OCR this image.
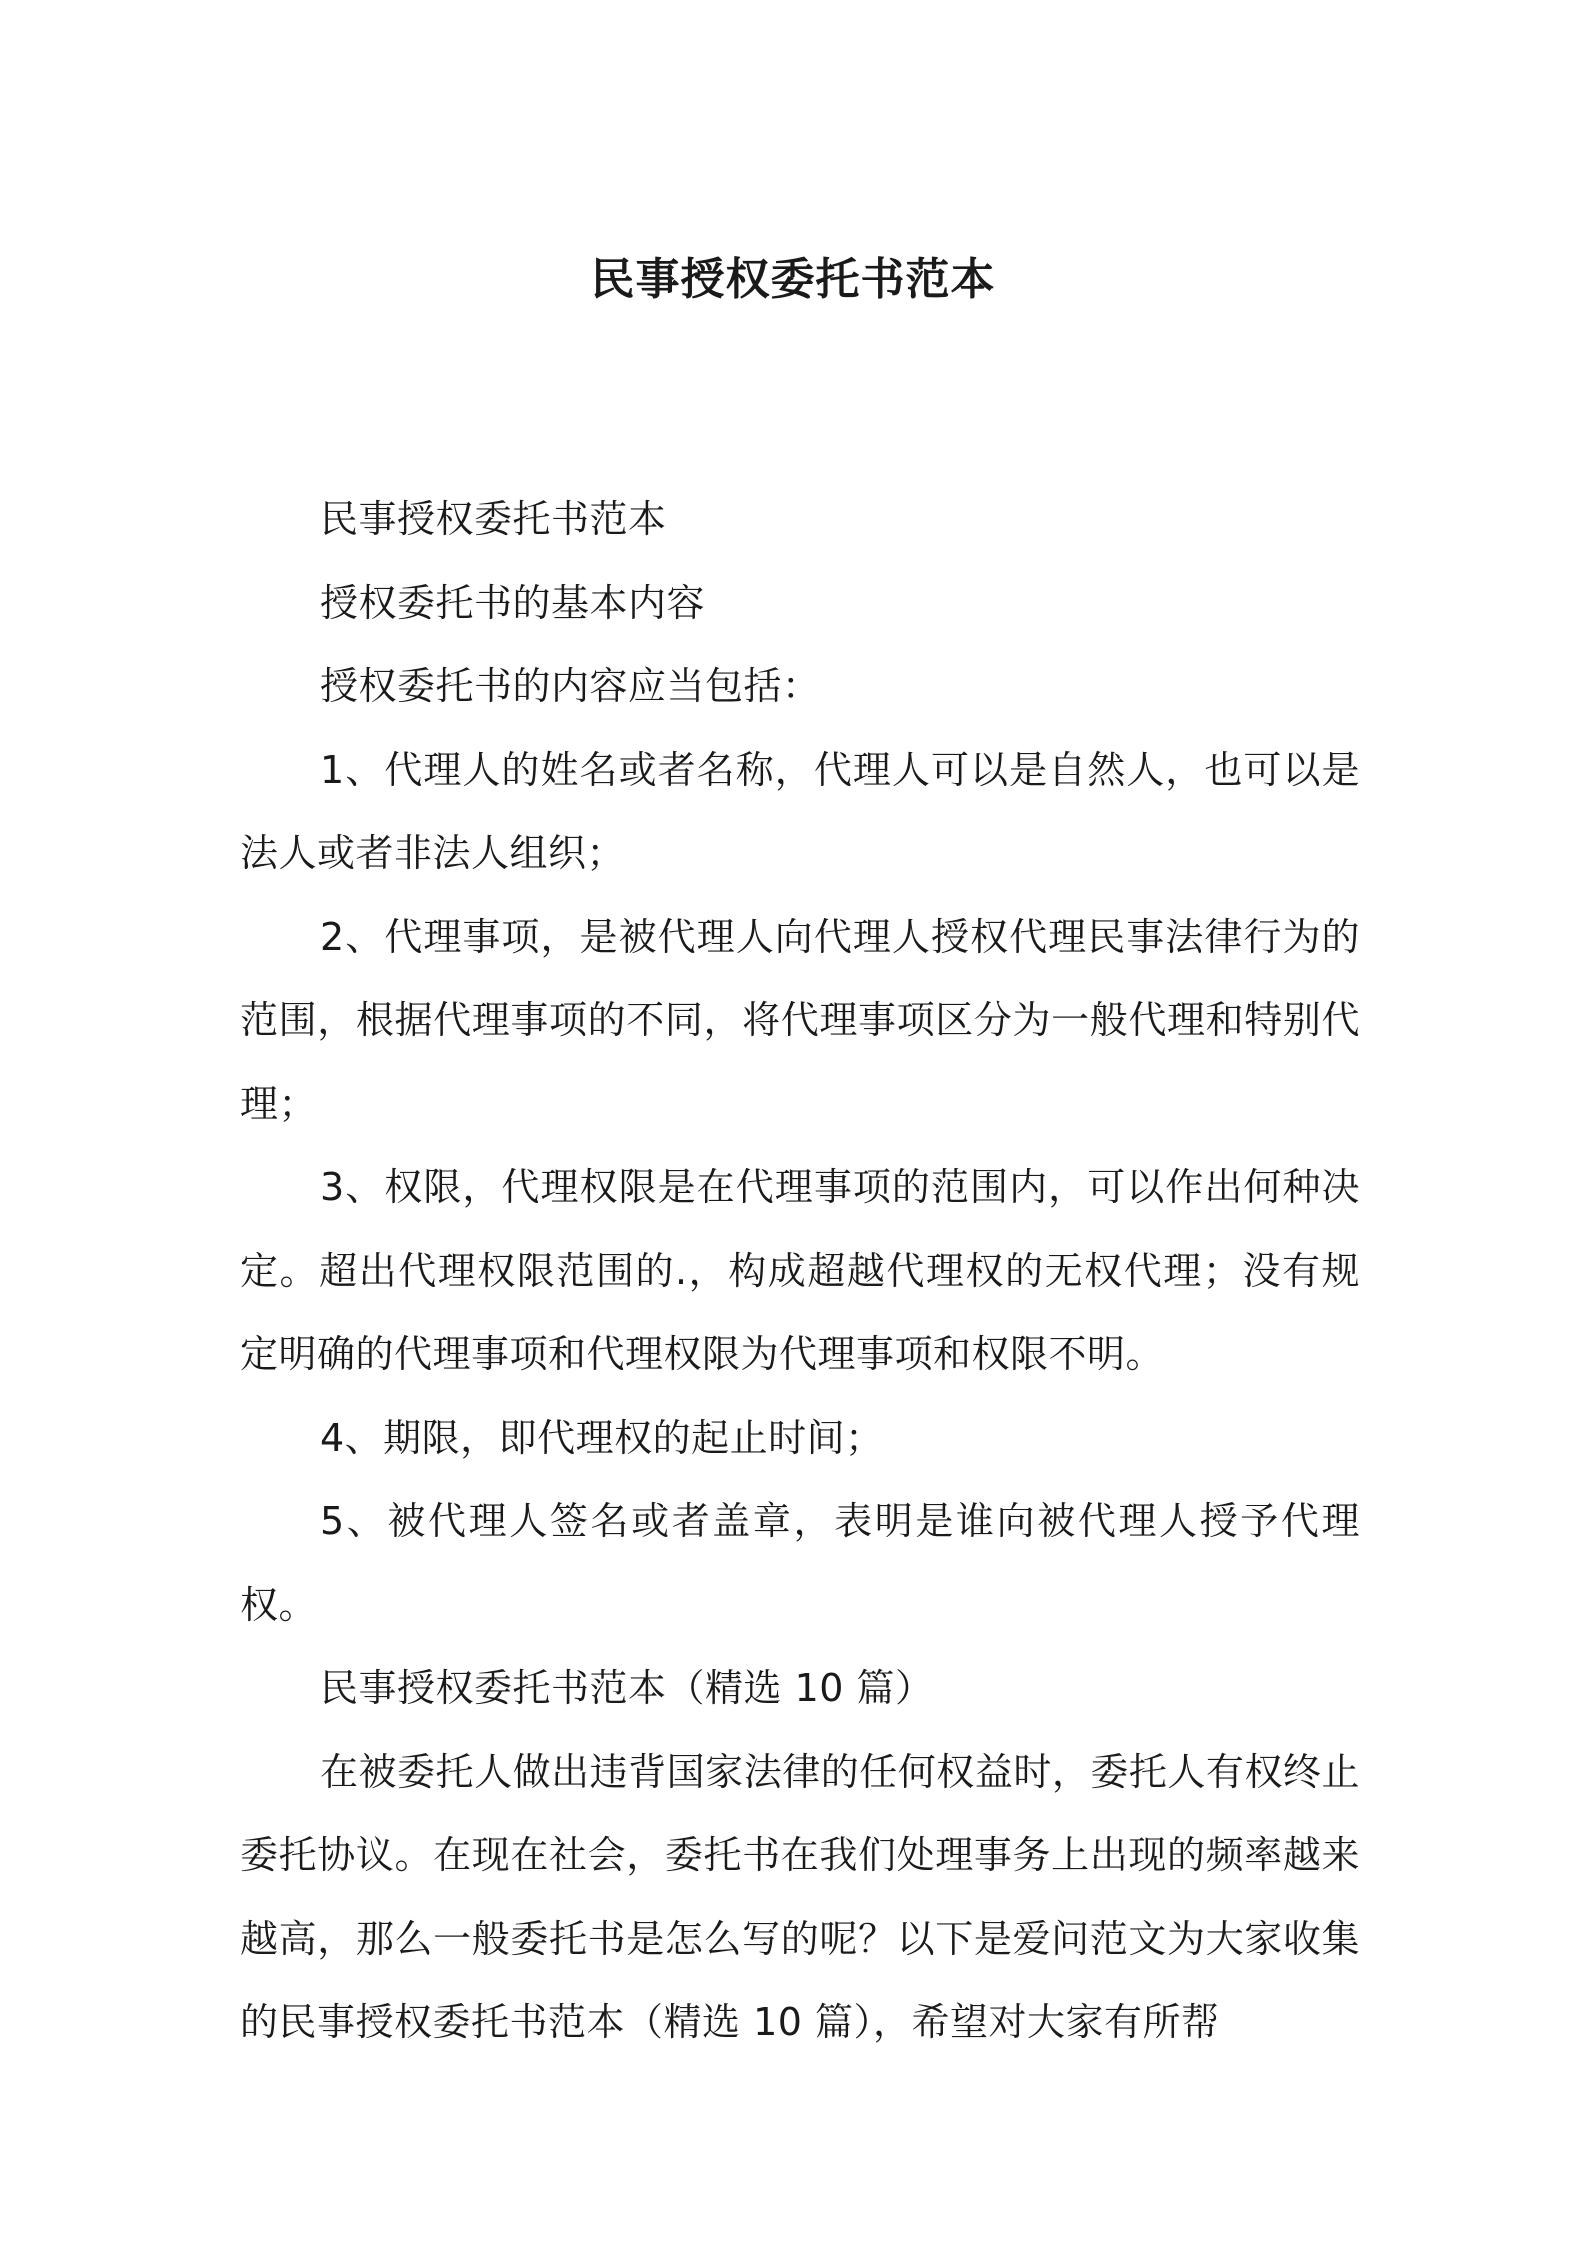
民事授权委托书范本

民事授权委托书范本

授权委托书的基本内容

授权委托书的内容应当包括：

1、代理人的姓名或者名称，代理人可以是自然人，也可以是法人或者非法人组织；

2、代理事项，是被代理人向代理人授权代理民事法律行为的范围，根据代理事项的不同，将代理事项区分为一般代理和特别代理；

3、权限，代理权限是在代理事项的范围内，可以作出何种决定。超出代理权限范围的.，构成超越代理权的无权代理；没有规定明确的代理事项和代理权限为代理事项和权限不明。

4、期限，即代理权的起止时间；

5、被代理人签名或者盖章，表明是谁向被代理人授予代理权。

民事授权委托书范本（精选 10 篇）

在被委托人做出违背国家法律的任何权益时，委托人有权终止委托协议。在现在社会，委托书在我们处理事务上出现的频率越来越高，那么一般委托书是怎么写的呢？以下是爱问范文为大家收集的民事授权委托书范本（精选 10 篇），希望对大家有所帮
